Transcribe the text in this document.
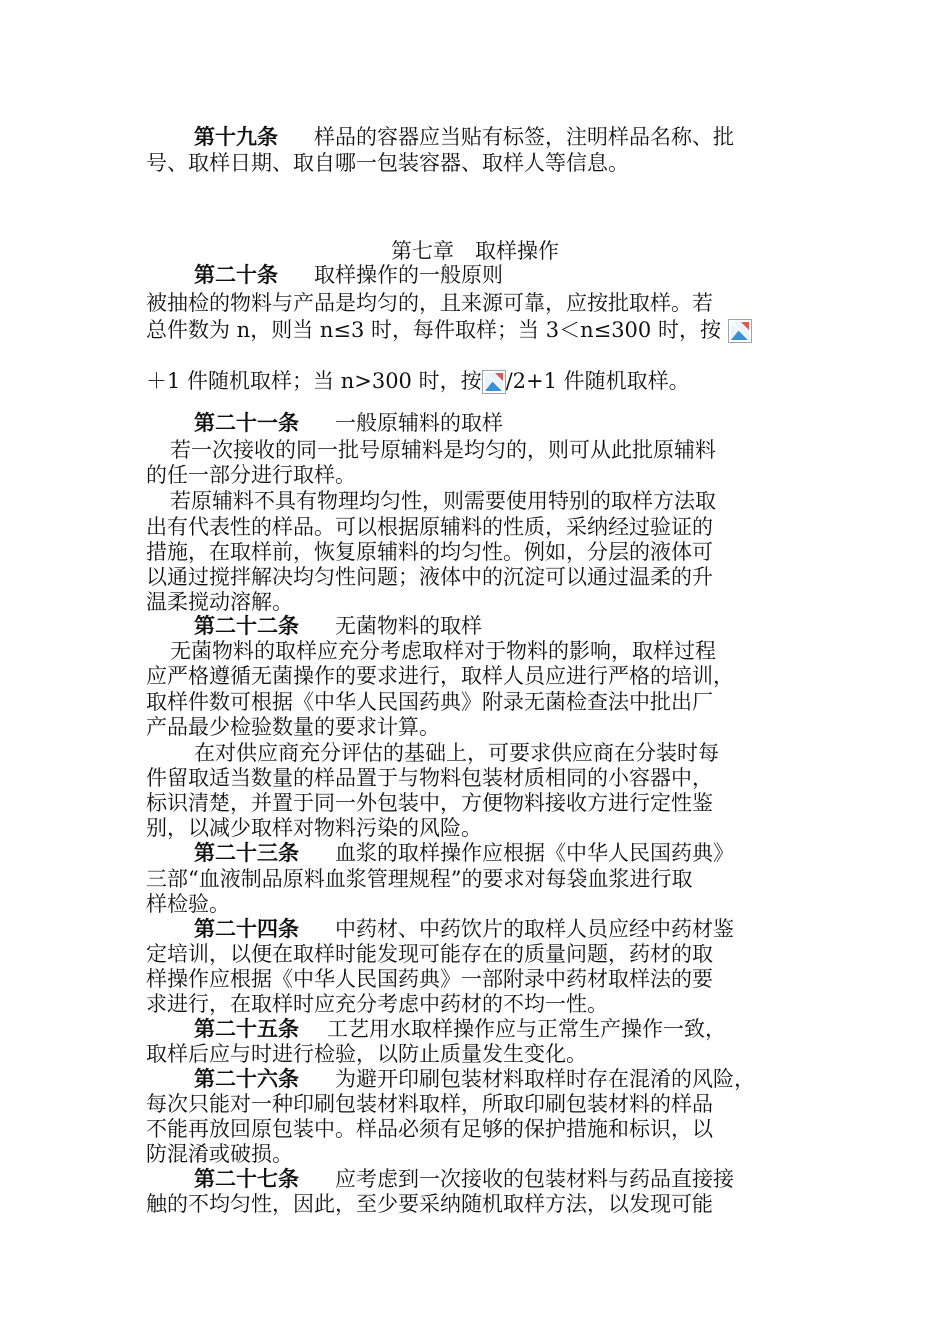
第十九条 样品的容器应当贴有标签，注明样品名称、批
号、取样日期、取自哪一包装容器、取样人等信息。
第七章　取样操作
第二十条 取样操作的一般原则
被抽检的物料与产品是均匀的，且来源可靠，应按批取样。若
总件数为 n，则当 n≤3 时，每件取样；当 3＜n≤300 时，按
＋1 件随机取样；当 n>300 时，按 /2+1 件随机取样。
第二十一条 一般原辅料的取样
若一次接收的同一批号原辅料是均匀的，则可从此批原辅料
的任一部分进行取样。
若原辅料不具有物理均匀性，则需要使用特别的取样方法取
出有代表性的样品。可以根据原辅料的性质，采纳经过验证的
措施，在取样前，恢复原辅料的均匀性。例如，分层的液体可
以通过搅拌解决均匀性问题；液体中的沉淀可以通过温柔的升
温柔搅动溶解。
第二十二条 无菌物料的取样
无菌物料的取样应充分考虑取样对于物料的影响，取样过程
应严格遵循无菌操作的要求进行，取样人员应进行严格的培训，
取样件数可根据《中华人民国药典》附录无菌检查法中批出厂
产品最少检验数量的要求计算。
在对供应商充分评估的基础上，可要求供应商在分装时每
件留取适当数量的样品置于与物料包装材质相同的小容器中，
标识清楚，并置于同一外包装中，方便物料接收方进行定性鉴
别，以减少取样对物料污染的风险。
第二十三条 血浆的取样操作应根据《中华人民国药典》
三部“血液制品原料血浆管理规程”的要求对每袋血浆进行取
样检验。
第二十四条 中药材、中药饮片的取样人员应经中药材鉴
定培训，以便在取样时能发现可能存在的质量问题，药材的取
样操作应根据《中华人民国药典》一部附录中药材取样法的要
求进行，在取样时应充分考虑中药材的不均一性。
第二十五条 工艺用水取样操作应与正常生产操作一致，
取样后应与时进行检验，以防止质量发生变化。
第二十六条 为避开印刷包装材料取样时存在混淆的风险，
每次只能对一种印刷包装材料取样，所取印刷包装材料的样品
不能再放回原包装中。样品必须有足够的保护措施和标识，以
防混淆或破损。
第二十七条 应考虑到一次接收的包装材料与药品直接接
触的不均匀性，因此，至少要采纳随机取样方法，以发现可能
